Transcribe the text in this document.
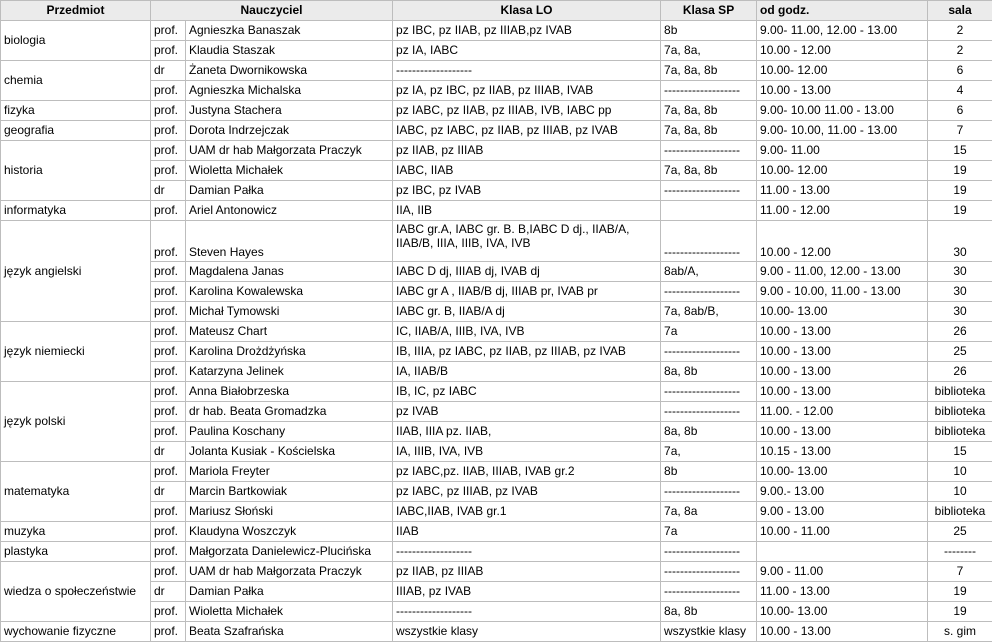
Przedmiot	Nauczyciel		Klasa LO	Klasa SP	od godz.	sala
biologia	prof.	Agnieszka Banaszak	pz IBC, pz IIAB, pz IIIAB,pz IVAB	8b	9.00- 11.00, 12.00 - 13.00	2
	prof.	Klaudia Staszak	pz IA, IABC	7a, 8a,	10.00 - 12.00	2
chemia	dr	Żaneta Dwornikowska	-------------------	7a, 8a, 8b	10.00- 12.00	6
	prof.	Agnieszka Michalska	pz IA, pz IBC, pz IIAB, pz IIIAB, IVAB	-------------------	10.00 - 13.00	4
fizyka	prof.	Justyna Stachera	pz IABC, pz IIAB, pz IIIAB, IVB, IABC pp	7a, 8a, 8b	9.00- 10.00 11.00 - 13.00	6
geografia	prof.	Dorota Indrzejczak	IABC, pz IABC, pz IIAB, pz IIIAB, pz IVAB	7a, 8a, 8b	9.00- 10.00, 11.00 - 13.00	7
historia	prof.	UAM dr hab Małgorzata Praczyk	pz IIAB, pz IIIAB	-------------------	9.00- 11.00	15
	prof.	Wioletta Michałek	IABC, IIAB	7a, 8a, 8b	10.00- 12.00	19
	dr	Damian Pałka	pz IBC, pz IVAB	-------------------	11.00 - 13.00	19
informatyka	prof.	Ariel Antonowicz	IIA, IIB		11.00 - 12.00	19
język angielski	prof.	Steven Hayes	IABC gr.A, IABC gr. B. B,IABC D dj., IIAB/A, IIAB/B, IIIA, IIIB, IVA, IVB	-------------------	10.00 - 12.00	30
	prof.	Magdalena Janas	IABC D dj, IIIAB dj, IVAB dj	8ab/A,	9.00 - 11.00, 12.00 - 13.00	30
	prof.	Karolina Kowalewska	IABC gr A , IIAB/B dj, IIIAB pr, IVAB pr	-------------------	9.00 - 10.00, 11.00 - 13.00	30
	prof.	Michał Tymowski	IABC gr. B, IIAB/A dj	7a, 8ab/B,	10.00- 13.00	30
język niemiecki	prof.	Mateusz Chart	IC, IIAB/A, IIIB, IVA, IVB	7a	10.00 - 13.00	26
	prof.	Karolina Drożdżyńska	IB, IIIA, pz IABC, pz IIAB, pz IIIAB, pz IVAB	-------------------	10.00 - 13.00	25
	prof.	Katarzyna Jelinek	IA, IIAB/B	8a, 8b	10.00 - 13.00	26
język polski	prof.	Anna Białobrzeska	IB, IC, pz IABC	-------------------	10.00 - 13.00	biblioteka
	prof.	dr hab. Beata Gromadzka	pz IVAB	-------------------	11.00. - 12.00	biblioteka
	prof.	Paulina Koschany	IIAB, IIIA pz. IIAB,	8a, 8b	10.00 - 13.00	biblioteka
	dr	Jolanta Kusiak - Kościelska	IA, IIIB, IVA, IVB	7a,	10.15 - 13.00	15
matematyka	prof.	Mariola Freyter	pz IABC,pz. IIAB, IIIAB, IVAB gr.2	8b	10.00- 13.00	10
	dr	Marcin Bartkowiak	pz IABC, pz IIIAB, pz IVAB	-------------------	9.00.- 13.00	10
	prof.	Mariusz Słoński	IABC,IIAB, IVAB gr.1	7a, 8a	9.00 - 13.00	biblioteka
muzyka	prof.	Klaudyna Woszczyk	IIAB	7a	10.00 - 11.00	25
plastyka	prof.	Małgorzata Danielewicz-Plucińska	-------------------	-------------------		--------
wiedza o społeczeństwie	prof.	UAM dr hab Małgorzata Praczyk	pz IIAB, pz IIIAB	-------------------	9.00 - 11.00	7
	dr	Damian Pałka	IIIAB, pz IVAB	-------------------	11.00 - 13.00	19
	prof.	Wioletta Michałek	-------------------	8a, 8b	10.00- 13.00	19
wychowanie fizyczne	prof.	Beata Szafrańska	wszystkie klasy	wszystkie klasy	10.00 - 13.00	s. gim
